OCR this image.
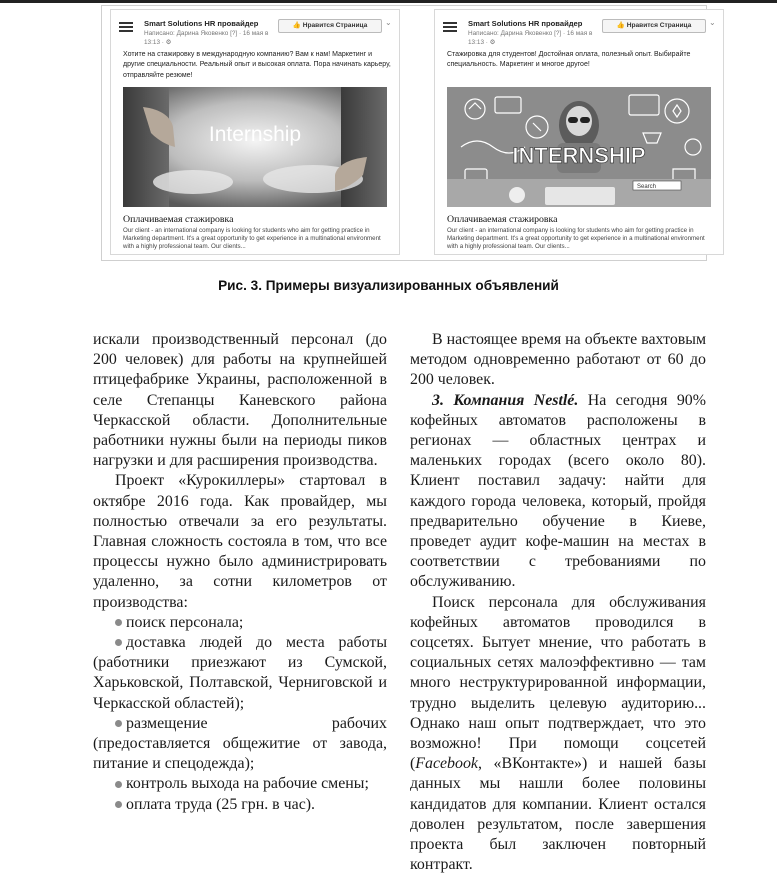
Smart Solutions HR провайдер
Написано: Дарина Яковенко [?] · 16 мая в
13:13 · ⚙
👍 Нравится Страница	⌄
Хотите на стажировку в международную компанию? Вам к нам! Маркетинг и другие специальности. Реальный опыт и высокая оплата. Пора начинать карьеру, отправляйте резюме!
Internship
Оплачиваемая стажировка
Our client - an international company is looking for students who aim for getting practice in Marketing department. It's a great opportunity to get experience in a multinational environment with a highly professional team. Our clients...
Smart Solutions HR провайдер
Написано: Дарина Яковенко [?] · 16 мая в
13:13 · ⚙
👍 Нравится Страница	⌄
Стажировка для студентов! Достойная оплата, полезный опыт. Выбирайте специальность. Маркетинг и многое другое!
INTERNSHIP
Search
Оплачиваемая стажировка
Our client - an international company is looking for students who aim for getting practice in Marketing department. It's a great opportunity to get experience in a multinational environment with a highly professional team. Our clients...
Рис. 3. Примеры визуализированных объявлений

искали производственный персонал (до 200 человек) для работы на крупнейшей птицефабрике Украины, расположенной в селе Степанцы Каневского района Черкасской области. Дополнительные работники нужны были на периоды пиков нагрузки и для расширения производства.

Проект «Курокиллеры» стартовал в октябре 2016 года. Как провайдер, мы полностью отвечали за его результаты. Главная сложность состояла в том, что все процессы нужно было администрировать удаленно, за сотни километров от производства:

поиск персонала;

доставка людей до места работы (работники приезжают из Сумской, Харьковской, Полтавской, Черниговской и Черкасской областей);

размещение рабочих (предоставляется общежитие от завода, питание и спецодежда);

контроль выхода на рабочие смены;

оплата труда (25 грн. в час).

В настоящее время на объекте вахтовым методом одновременно работают от 60 до 200 человек.

3. Компания Nestlé. На сегодня 90% кофейных автоматов расположены в регионах — областных центрах и маленьких городах (всего около 80). Клиент поставил задачу: найти для каждого города человека, который, пройдя предварительно обучение в Киеве, проведет аудит кофе-машин на местах в соответствии с требованиями по обслуживанию.

Поиск персонала для обслуживания кофейных автоматов проводился в соцсетях. Бытует мнение, что работать в социальных сетях малоэффективно — там много неструктурированной информации, трудно выделить целевую аудиторию... Однако наш опыт подтверждает, что это возможно! При помощи соцсетей (Facebook, «ВКонтакте») и нашей базы данных мы нашли более половины кандидатов для компании. Клиент остался доволен результатом, после завершения проекта был заключен повторный контракт.
